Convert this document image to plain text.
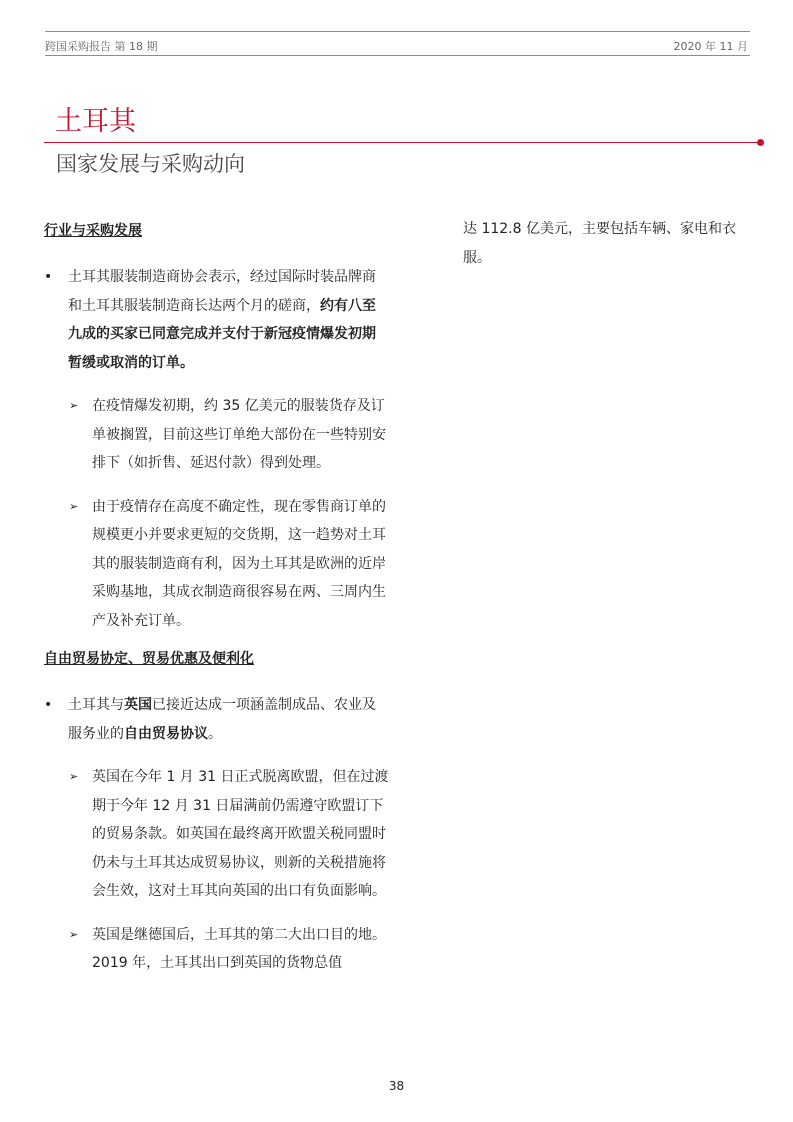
跨国采购报告 第 18 期	2020 年 11 月
土耳其
国家发展与采购动向
行业与采购发展
• 土耳其服装制造商协会表示，经过国际时装品牌商和土耳其服装制造商长达两个月的磋商，约有八至九成的买家已同意完成并支付于新冠疫情爆发初期暂缓或取消的订单。
➢ 在疫情爆发初期，约 35 亿美元的服装货存及订单被搁置，目前这些订单绝大部份在一些特别安排下（如折售、延迟付款）得到处理。
➢ 由于疫情存在高度不确定性，现在零售商订单的规模更小并要求更短的交货期，这一趋势对土耳其的服装制造商有利，因为土耳其是欧洲的近岸采购基地，其成衣制造商很容易在两、三周内生产及补充订单。
自由贸易协定、贸易优惠及便利化
• 土耳其与英国已接近达成一项涵盖制成品、农业及服务业的自由贸易协议。
➢ 英国在今年 1 月 31 日正式脱离欧盟，但在过渡期于今年 12 月 31 日届满前仍需遵守欧盟订下的贸易条款。如英国在最终离开欧盟关税同盟时仍未与土耳其达成贸易协议，则新的关税措施将会生效，这对土耳其向英国的出口有负面影响。
➢ 英国是继德国后，土耳其的第二大出口目的地。2019 年，土耳其出口到英国的货物总值
达 112.8 亿美元，主要包括车辆、家电和衣服。
38
